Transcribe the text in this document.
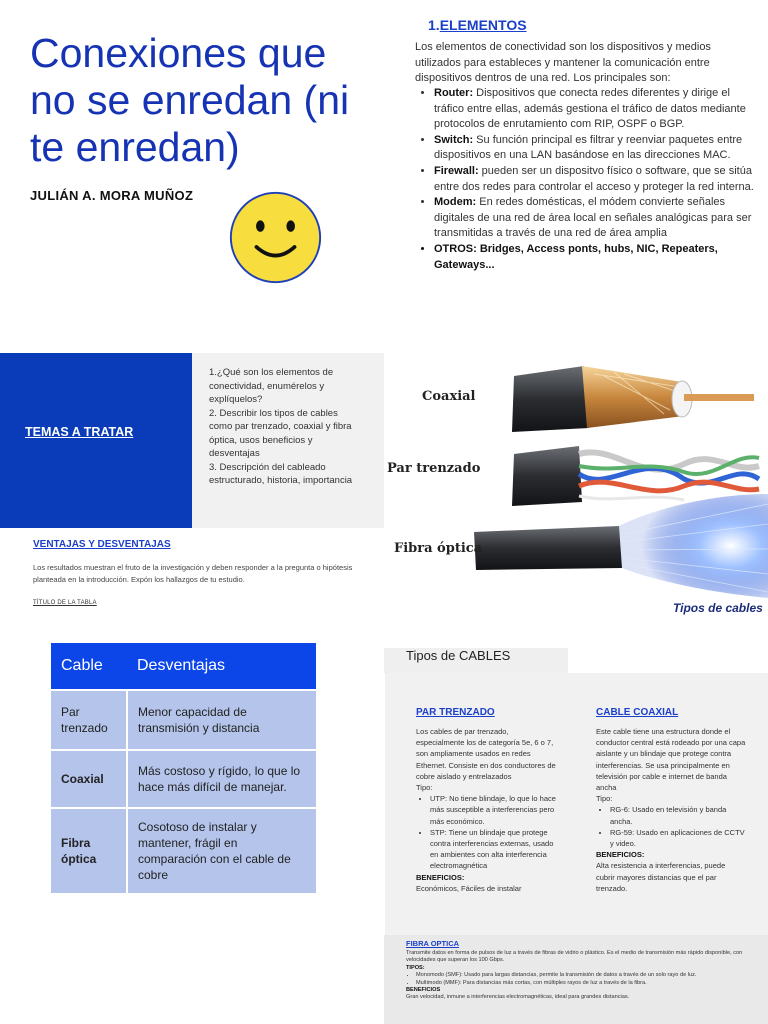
Conexiones que no se enredan (ni te enredan)
JULIÁN A. MORA MUÑOZ
1.ELEMENTOS

Los elementos de conectividad son los dispositivos y medios utilizados para estableces y mantener la comunicación entre dispositivos dentros de una red. Los principales son:

• Router: Dispositivos que conecta redes diferentes y dirige el tráfico entre ellas, además gestiona el tráfico de datos mediante protocolos de enrutamiento com RIP, OSPF o BGP.
• Switch: Su función principal es filtrar y reenviar paquetes entre dispositivos en una LAN basándose en las direcciones MAC.
• Firewall: pueden ser un dispositvo físico o software, que se sitúa entre dos redes para controlar el acceso y proteger la red interna.
• Modem: En redes domésticas, el módem convierte señales digitales de una red de área local en señales analógicas para ser transmitidas a través de una red de área amplia
• OTROS: Bridges, Access ponts, hubs, NIC, Repeaters, Gateways...
TEMAS A TRATAR

1.¿Qué son los elementos de conectividad, enumérelos y explíquelos?
2. Describir los tipos de cables como par trenzado, coaxial y fibra óptica, usos beneficios y desventajas
3. Descripción del cableado estructurado, historia, importancia

Coaxial
Par trenzado
Fibra óptica
Tipos de cables
VENTAJAS Y DESVENTAJAS

Los resultados muestran el fruto de la investigación y deben responder a la pregunta o hipótesis planteada en la introducción. Expón los hallazgos de tu estudio.

TÍTULO DE LA TABLA
Cable	Desventajas
Par trenzado	Menor capacidad de transmisión y distancia
Coaxial	Más costoso y rígido, lo que lo hace más difícil de manejar.
Fibra óptica	Cosotoso de instalar y mantener, frágil en comparación con el cable de cobre
Tipos de CABLES
PAR TRENZADO
Los cables de par trenzado, especialmente los de categoría 5e, 6 o 7, son ampliamente usados en redes Ethernet. Consiste en dos conductores de cobre aislado y entrelazados
Tipo:
• UTP: No tiene blindaje, lo que lo hace más susceptible a interferencias pero más económico.
• STP: Tiene un blindaje que protege contra interferencias externas, usado en ambientes con alta interferencia electromagnética
BENEFICIOS:
Económicos, Fáciles de instalar
CABLE COAXIAL
Este cable tiene una estructura donde el conductor central está rodeado por una capa aislante y un blindaje que protege contra interferencias. Se usa principalmente en televisión por cable e internet de banda ancha
Tipo:
• RG-6: Usado en televisión y banda ancha.
• RG-59: Usado en aplicaciones de CCTV y video.
BENEFICIOS:
Alta resistencia a interferencias, puede cubrir mayores distancias que el par trenzado.
FIBRA OPTICA
Transmite datos en forma de pulsos de luz a través de fibras de vidrio o plástico. Es el medio de transmisión más rápido disponible, con velocidades que superan los 100 Gbps.
TIPOS:
• Monomodo (SMF): Usado para largas distancias, permite la transmisión de datos a través de un solo rayo de luz.
• Multimodo (MMF): Para distancias más cortas, con múltiples rayos de luz a través de la fibra.
BENEFICIOS
Gran velocidad, inmune a interferencias electromagnéticas, ideal para grandes distancias.
